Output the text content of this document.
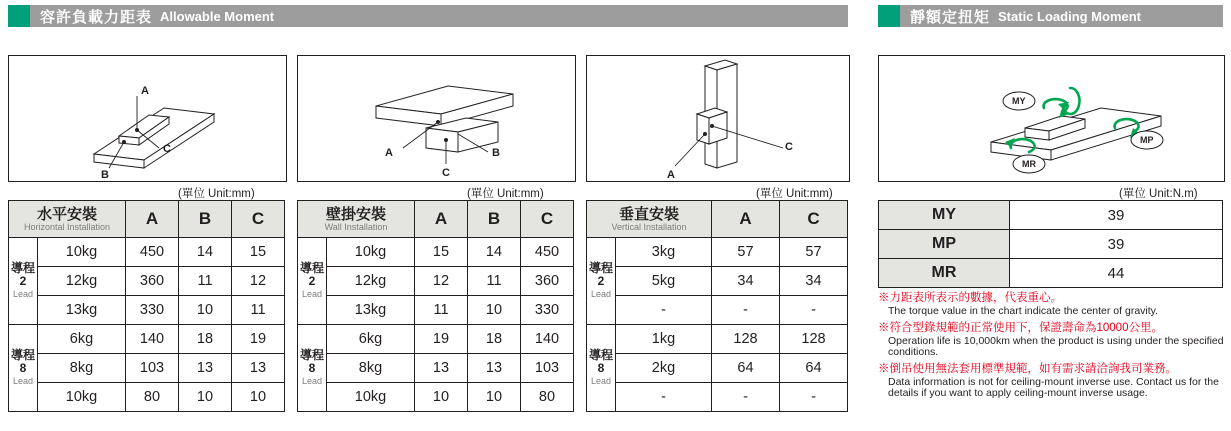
容許負載力距表 Allowable Moment	靜額定扭矩 Static Loading Moment
A
B
C	A	B
C	A
C
MY
MP
MR
(單位 Unit:mm)	(單位 Unit:mm)	(單位 Unit:mm)	(單位 Unit:N.m)
水平安裝
Horizontal Installation		A	B	C

導程
2
Lead	10kg	450	14	15
	12kg	360	11	12
	13kg	330	10	11

導程
8
Lead	6kg	140	18	19
	8kg	103	13	13
	10kg	80	10	10
壁掛安裝
Wall Installation		A	B	C

導程
2
Lead	10kg	15	14	450
	12kg	12	11	360
	13kg	11	10	330

導程
8
Lead	6kg	19	18	140
	8kg	13	13	103
	10kg	10	10	80
垂直安裝
Vertical Installation		A	C

導程
2
Lead	3kg	57	57
	5kg	34	34
	-	-	-

導程
8
Lead	1kg	128	128
	2kg	64	64
	-	-	-
MY	39
MP	39
MR	44
※力距表所表示的數據，代表重心。
The torque value in the chart indicate the center of gravity.
※符合型錄規範的正常使用下，保證壽命為10000公里。
Operation life is 10,000km when the product is using under the specified conditions.
※倒吊使用無法套用標準規範，如有需求請洽詢我司業務。
Data information is not for ceiling-mount inverse use. Contact us for the details if you want to apply ceiling-mount inverse usage.
